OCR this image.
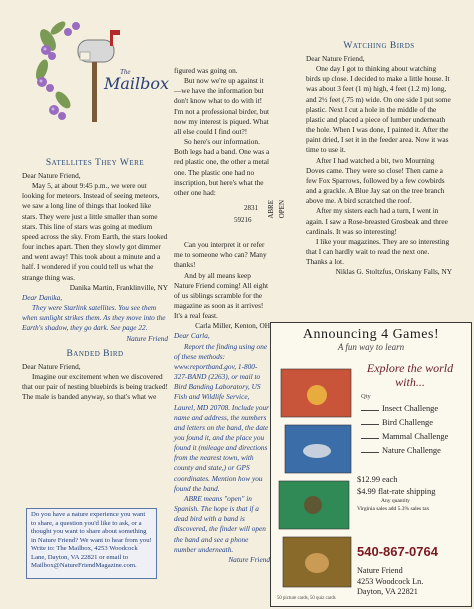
The
Mailbox
Satellites They Were

Dear Nature Friend,

May 5, at about 9:45 p.m., we were out looking for meteors. Instead of seeing meteors, we saw a long line of things that looked like stars. They were just a little smaller than some stars. This line of stars was going at medium speed across the sky. From Earth, the stars looked four inches apart. Then they slowly got dimmer and went away! This took about a minute and a half. I wondered if you could tell us what the strange thing was.

Danika Martin, Franklinville, NY

Dear Danika,

They were Starlink satellites. You see them when sunlight strikes them. As they move into the Earth's shadow, they go dark. See page 22.

Nature Friend

Banded Bird

Dear Nature Friend,

Imagine our excitement when we discovered that our pair of nesting bluebirds is being tracked! The male is banded anyway, so that's what we

Do you have a nature experience you want to share, a question you'd like to ask, or a thought you want to share about something in Nature Friend? We want to hear from you! Write to: The Mailbox, 4253 Woodcock Lane, Dayton, VA 22821 or email to Mailbox@NatureFriendMagazine.com.

figured was going on.

But now we're up against it—we have the information but don't know what to do with it! I'm not a professional birder, but now my interest is piqued. What all else could I find out?!

So here's our information. Both legs had a band. One was a red plastic one, the other a metal one. The plastic one had no inscription, but here's what the other one had:

2831
59216
ABRE OPEN

Can you interpret it or refer me to someone who can? Many thanks!

And by all means keep Nature Friend coming! All eight of us siblings scramble for the magazine as soon as it arrives! It's a real feast.

Carla Miller, Kenton, OH

Dear Carla,

Report the finding using one of these methods: www.reportband.gov, 1-800-327-BAND (2263), or mail to Bird Banding Laboratory, US Fish and Wildlife Service, Laurel, MD 20708. Include your name and address, the numbers and letters on the band, the date you found it, and the place you found it (mileage and directions from the nearest town, with county and state,) or GPS coordinates. Mention how you found the band.

ABRE means "open" in Spanish. The hope is that if a dead bird with a band is discovered, the finder will open the band and see a phone number underneath.

Nature Friend

Watching Birds

Dear Nature Friend,

One day I got to thinking about watching birds up close. I decided to make a little house. It was about 3 feet (1 m) high, 4 feet (1.2 m) long, and 2½ feet (.75 m) wide. On one side I put some plastic. Next I cut a hole in the middle of the plastic and placed a piece of lumber underneath the hole. When I was done, I painted it. After the paint dried, I set it in the feeder area. Now it was time to use it.

After I had watched a bit, two Mourning Doves came. They were so close! Then came a few Fox Sparrows, followed by a few cowbirds and a grackle. A Blue Jay sat on the tree branch above me. A bird scratched the roof.

After my sisters each had a turn, I went in again. I saw a Rose-breasted Grosbeak and three cardinals. It was so interesting!

I like your magazines. They are so interesting that I can hardly wait to read the next one. Thanks a lot.

Niklas G. Stoltzfus, Oriskany Falls, NY

Announcing 4 Games!
A fun way to learn
Explore the world
with...
Qty
Insect Challenge
Bird Challenge
Mammal Challenge
Nature Challenge
$12.99 each
$4.99 flat-rate shipping
Any quantity
Virginia sales add 5.3% sales tax
540-867-0764
Nature Friend
4253 Woodcock Ln.
Dayton, VA 22821
50 picture cards, 50 quiz cards
